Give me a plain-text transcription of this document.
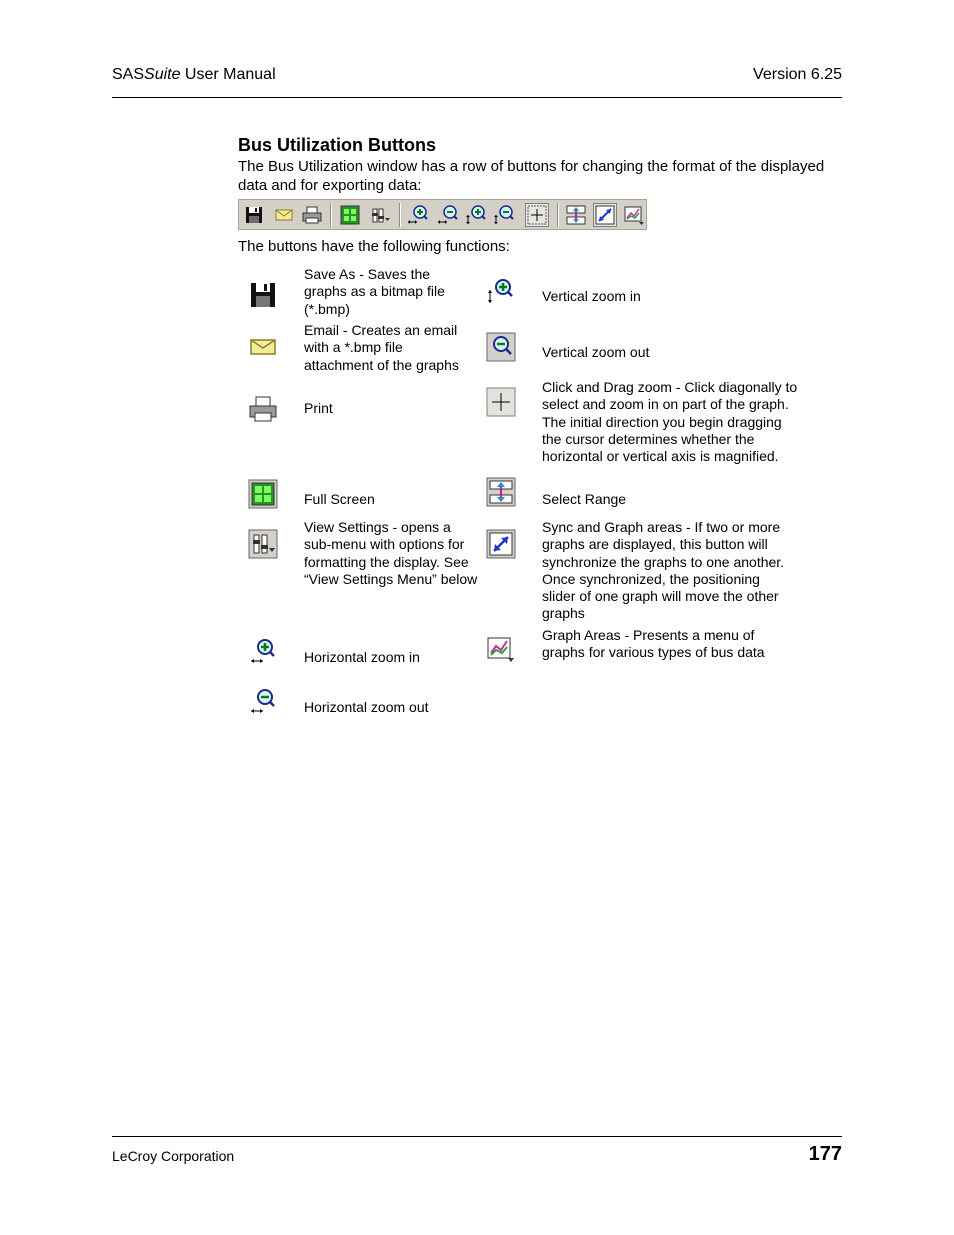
SASSuite User Manual	Version 6.25
Bus Utilization Buttons
The Bus Utilization window has a row of buttons for changing the format of the displayed data and for exporting data:
The buttons have the following functions:
Save As - Saves the graphs as a bitmap file (*.bmp)
Email - Creates an email with a *.bmp file attachment of the graphs
Print
Full Screen
View Settings - opens a sub-menu with options for formatting the display. See “View Settings Menu” below
Horizontal zoom in
Horizontal zoom out
Vertical zoom in
Vertical zoom out
Click and Drag zoom - Click diagonally to select and zoom in on part of the graph. The initial direction you begin dragging the cursor determines whether the horizontal or vertical axis is magnified.
Select Range
Sync and Graph areas - If two or more graphs are displayed, this button will synchronize the graphs to one another. Once synchronized, the positioning slider of one graph will move the other graphs
Graph Areas - Presents a menu of graphs for various types of bus data
LeCroy Corporation	177
